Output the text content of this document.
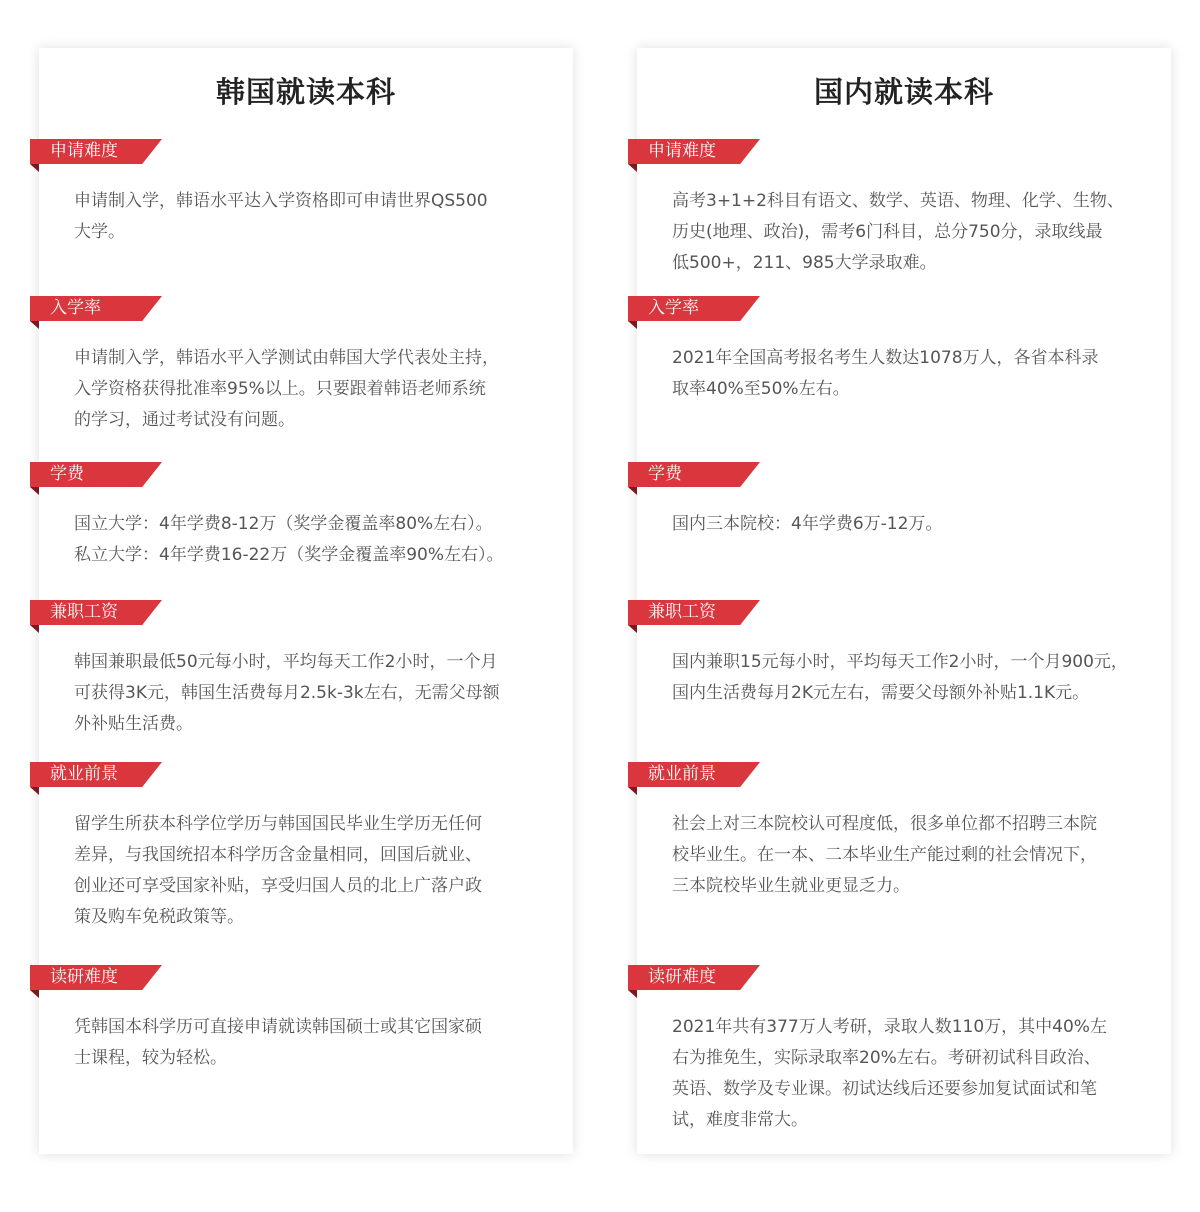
韩国就读本科
申请难度

申请制入学，韩语水平达入学资格即可申请世界QS500
大学。

入学率

申请制入学，韩语水平入学测试由韩国大学代表处主持，
入学资格获得批准率95%以上。只要跟着韩语老师系统
的学习，通过考试没有问题。

学费

国立大学：4年学费8-12万（奖学金覆盖率80%左右）。
私立大学：4年学费16-22万（奖学金覆盖率90%左右）。

兼职工资

韩国兼职最低50元每小时，平均每天工作2小时，一个月
可获得3K元，韩国生活费每月2.5k-3k左右，无需父母额
外补贴生活费。

就业前景

留学生所获本科学位学历与韩国国民毕业生学历无任何
差异，与我国统招本科学历含金量相同，回国后就业、
创业还可享受国家补贴，享受归国人员的北上广落户政
策及购车免税政策等。

读研难度

凭韩国本科学历可直接申请就读韩国硕士或其它国家硕
士课程，较为轻松。

国内就读本科
申请难度

高考3+1+2科目有语文、数学、英语、物理、化学、生物、
历史(地理、政治)，需考6门科目，总分750分，录取线最
低500+，211、985大学录取难。

入学率

2021年全国高考报名考生人数达1078万人，各省本科录
取率40%至50%左右。

学费

国内三本院校：4年学费6万-12万。

兼职工资

国内兼职15元每小时，平均每天工作2小时，一个月900元，
国内生活费每月2K元左右，需要父母额外补贴1.1K元。

就业前景

社会上对三本院校认可程度低，很多单位都不招聘三本院
校毕业生。在一本、二本毕业生产能过剩的社会情况下，
三本院校毕业生就业更显乏力。

读研难度

2021年共有377万人考研，录取人数110万，其中40%左
右为推免生，实际录取率20%左右。考研初试科目政治、
英语、数学及专业课。初试达线后还要参加复试面试和笔
试，难度非常大。
